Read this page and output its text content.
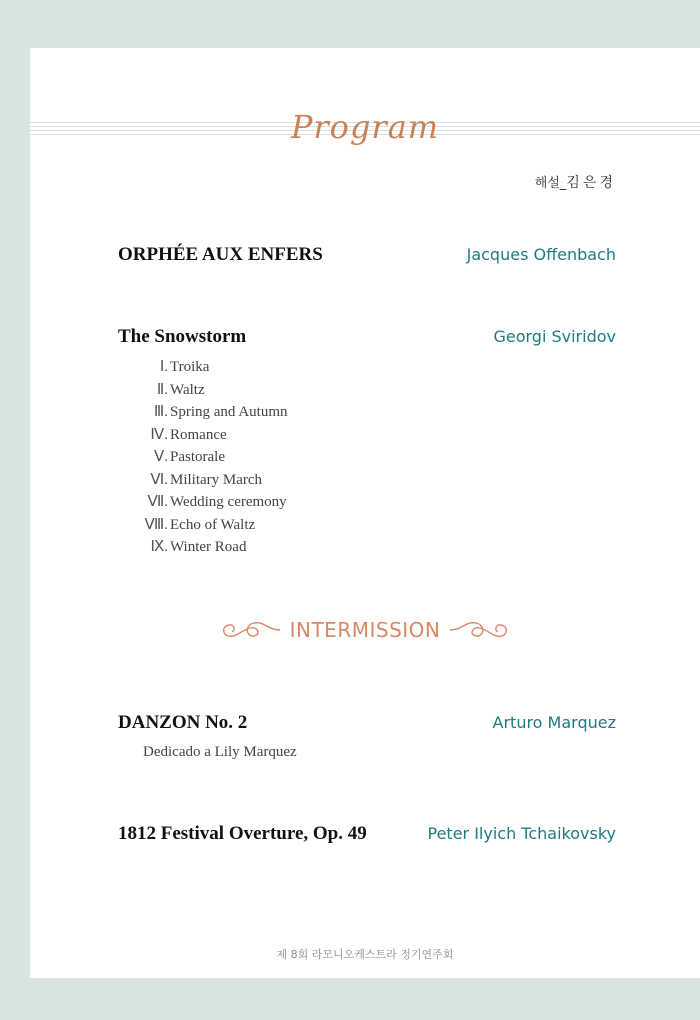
Program
해설_김은경
ORPHÉE AUX ENFERS	Jacques Offenbach
The Snowstorm	Georgi Sviridov
Ⅰ. Troika
Ⅱ. Waltz
Ⅲ. Spring and Autumn
Ⅳ. Romance
Ⅴ. Pastorale
Ⅵ. Military March
Ⅶ. Wedding ceremony
Ⅷ. Echo of Waltz
Ⅸ. Winter Road
INTERMISSION
DANZON No. 2	Arturo Marquez
Dedicado a Lily Marquez
1812 Festival Overture, Op. 49	Peter Ilyich Tchaikovsky
제 8회 라모니오케스트라 정기연주회
